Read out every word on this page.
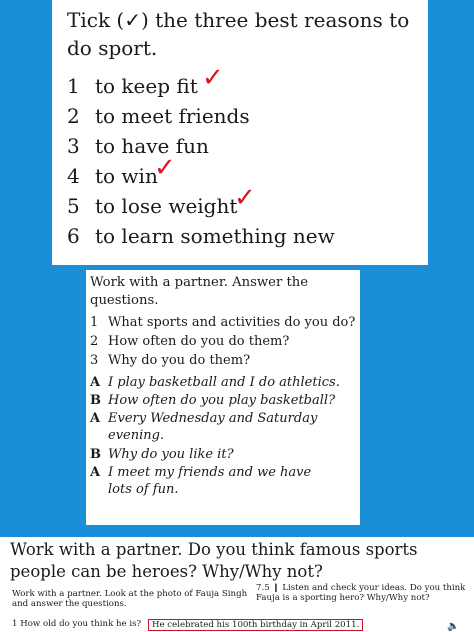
Tick (✓) the three best reasons to do sport.
1 to keep fit ✓
2 to meet friends
3 to have fun
4 to win
✓
5 to lose weight
✓
6 to learn something new
Work with a partner. Answer the questions.
1 What sports and activities do you do?
2 How often do you do them?
3 Why do you do them?
A I play basketball and I do athletics.
B How often do you play basketball?
A Every Wednesday and Saturday
evening.
B Why do you like it?
A I meet my friends and we have
lots of fun.
Work with a partner. Do you think famous sports people can be heroes? Why/Why not?
Work with a partner. Look at the photo of Fauja Singh and answer the questions.
1 How old do you think he is?	He celebrated his 100th birthday in April 2011.
7.5 ❙ Listen and check your ideas. Do you think Fauja is a sporting hero? Why/Why not?
🔈
